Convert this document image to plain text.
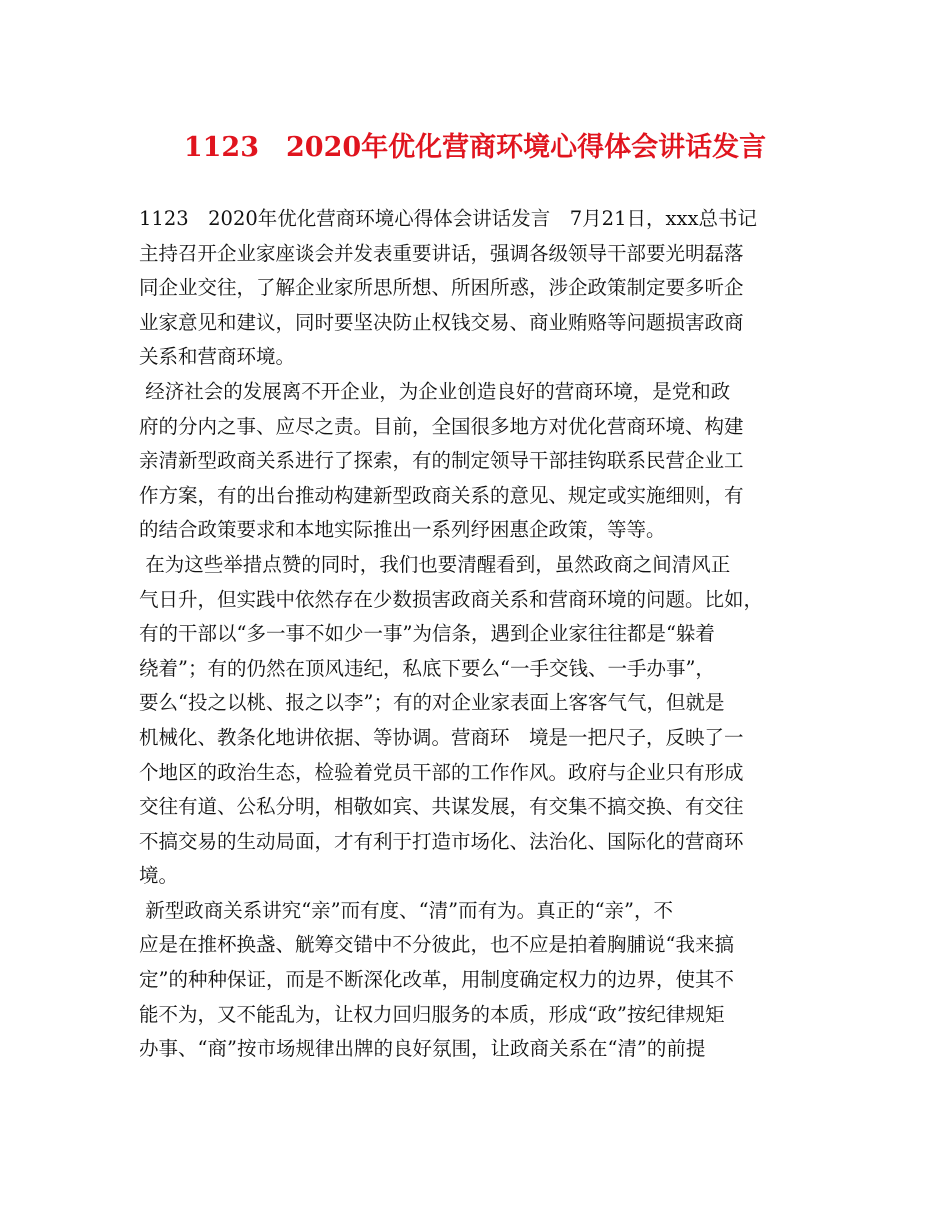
1123　2020年优化营商环境心得体会讲话发言
1123　2020年优化营商环境心得体会讲话发言　7月21日，xxx总书记
主持召开企业家座谈会并发表重要讲话，强调各级领导干部要光明磊落
同企业交往，了解企业家所思所想、所困所惑，涉企政策制定要多听企
业家意见和建议，同时要坚决防止权钱交易、商业贿赂等问题损害政商
关系和营商环境。
经济社会的发展离不开企业，为企业创造良好的营商环境，是党和政
府的分内之事、应尽之责。目前，全国很多地方对优化营商环境、构建
亲清新型政商关系进行了探索，有的制定领导干部挂钩联系民营企业工
作方案，有的出台推动构建新型政商关系的意见、规定或实施细则，有
的结合政策要求和本地实际推出一系列纾困惠企政策，等等。
在为这些举措点赞的同时，我们也要清醒看到，虽然政商之间清风正
气日升，但实践中依然存在少数损害政商关系和营商环境的问题。比如，
有的干部以“多一事不如少一事”为信条，遇到企业家往往都是“躲着
绕着”；有的仍然在顶风违纪，私底下要么“一手交钱、一手办事”，
要么“投之以桃、报之以李”；有的对企业家表面上客客气气，但就是
机械化、教条化地讲依据、等协调。营商环　境是一把尺子，反映了一
个地区的政治生态，检验着党员干部的工作作风。政府与企业只有形成
交往有道、公私分明，相敬如宾、共谋发展，有交集不搞交换、有交往
不搞交易的生动局面，才有利于打造市场化、法治化、国际化的营商环
境。
新型政商关系讲究“亲”而有度、“清”而有为。真正的“亲”，不
应是在推杯换盏、觥筹交错中不分彼此，也不应是拍着胸脯说“我来搞
定”的种种保证，而是不断深化改革，用制度确定权力的边界，使其不
能不为，又不能乱为，让权力回归服务的本质，形成“政”按纪律规矩
办事、“商”按市场规律出牌的良好氛围，让政商关系在“清”的前提
